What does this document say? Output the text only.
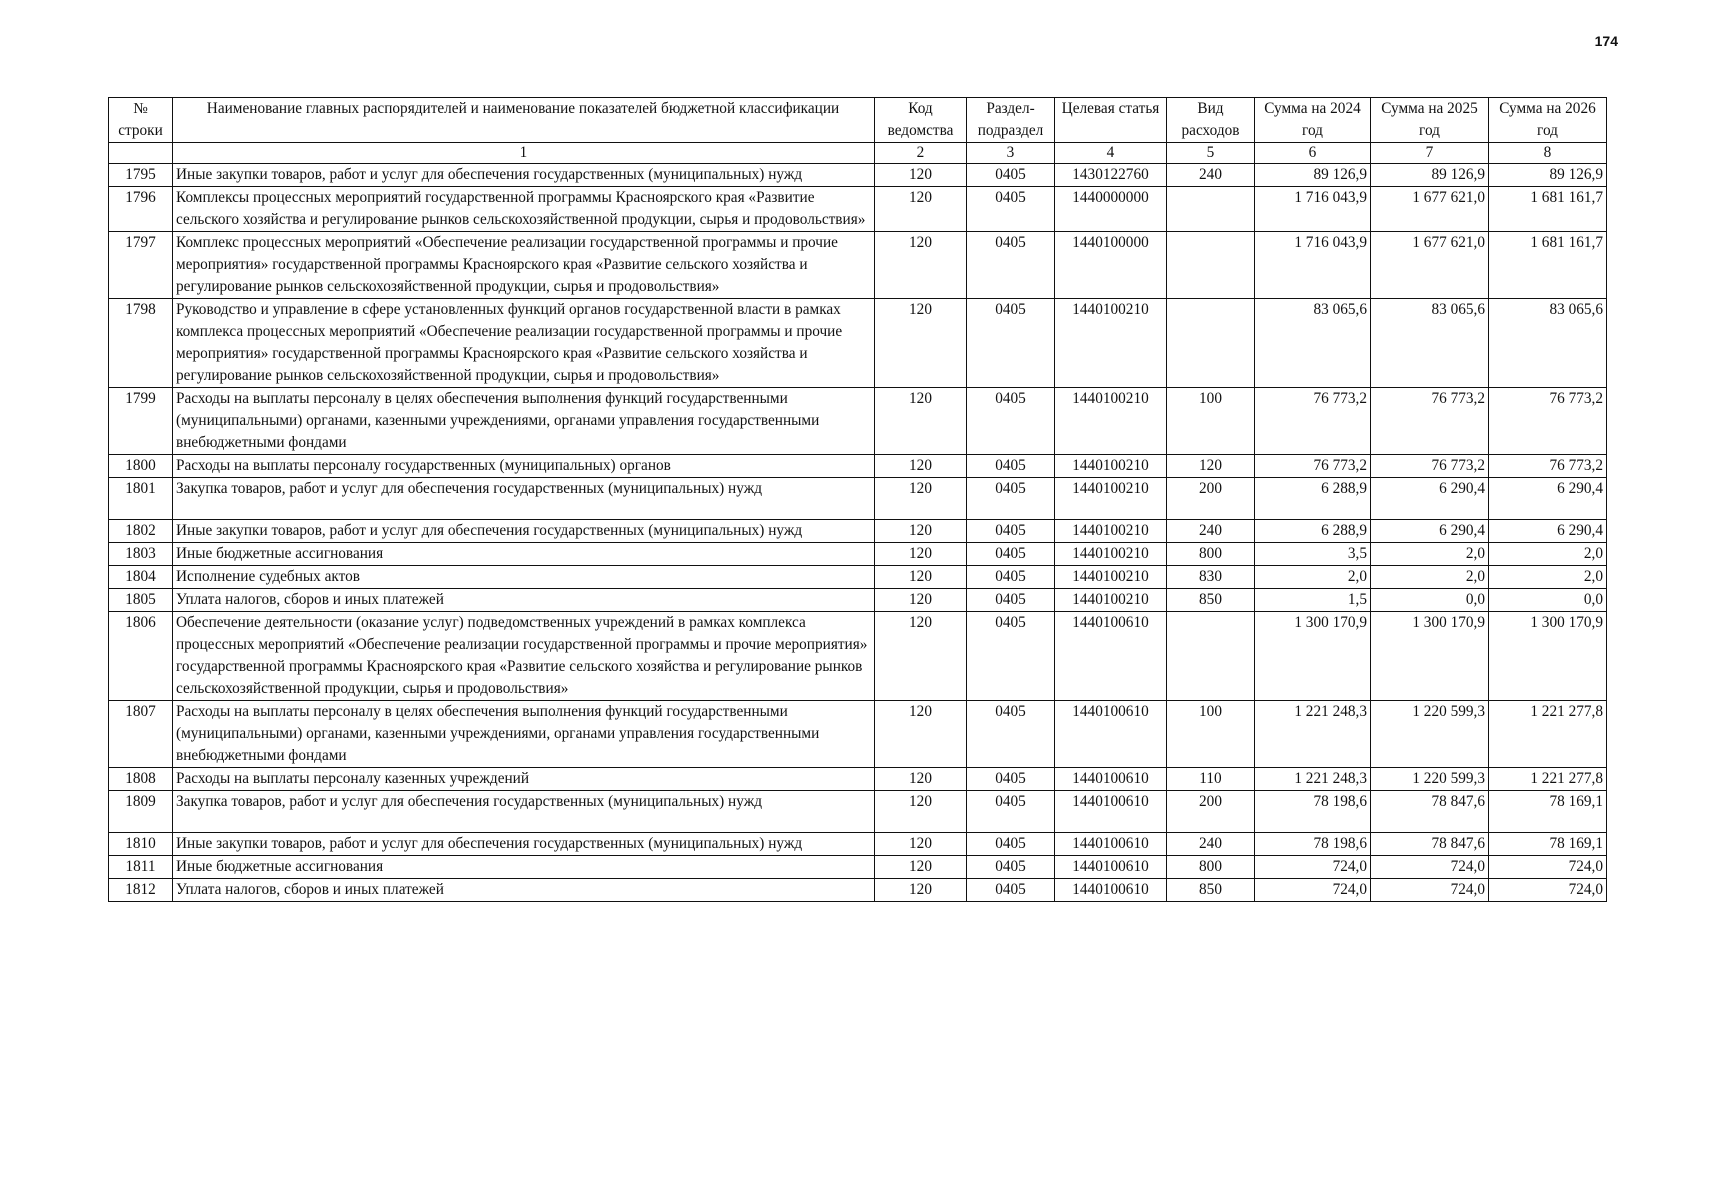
174
№ строки	Наименование главных распорядителей и наименование показателей бюджетной классификации	Код ведомства	Раздел-подраздел	Целевая статья	Вид расходов	Сумма на 2024 год	Сумма на 2025 год	Сумма на 2026 год
	1	2	3	4	5	6	7	8
1795	Иные закупки товаров, работ и услуг для обеспечения государственных (муниципальных) нужд	120	0405	1430122760	240	89 126,9	89 126,9	89 126,9
1796	Комплексы процессных мероприятий государственной программы Красноярского края «Развитие сельского хозяйства и регулирование рынков сельскохозяйственной продукции, сырья и продовольствия»	120	0405	1440000000		1 716 043,9	1 677 621,0	1 681 161,7
1797	Комплекс процессных мероприятий «Обеспечение реализации государственной программы и прочие мероприятия» государственной программы Красноярского края «Развитие сельского хозяйства и регулирование рынков сельскохозяйственной продукции, сырья и продовольствия»	120	0405	1440100000		1 716 043,9	1 677 621,0	1 681 161,7
1798	Руководство и управление в сфере установленных функций органов государственной власти в рамках комплекса процессных мероприятий «Обеспечение реализации государственной программы и прочие мероприятия» государственной программы Красноярского края «Развитие сельского хозяйства и регулирование рынков сельскохозяйственной продукции, сырья и продовольствия»	120	0405	1440100210		83 065,6	83 065,6	83 065,6
1799	Расходы на выплаты персоналу в целях обеспечения выполнения функций государственными (муниципальными) органами, казенными учреждениями, органами управления государственными внебюджетными фондами	120	0405	1440100210	100	76 773,2	76 773,2	76 773,2
1800	Расходы на выплаты персоналу государственных (муниципальных) органов	120	0405	1440100210	120	76 773,2	76 773,2	76 773,2
1801	Закупка товаров, работ и услуг для обеспечения государственных (муниципальных) нужд	120	0405	1440100210	200	6 288,9	6 290,4	6 290,4
1802	Иные закупки товаров, работ и услуг для обеспечения государственных (муниципальных) нужд	120	0405	1440100210	240	6 288,9	6 290,4	6 290,4
1803	Иные бюджетные ассигнования	120	0405	1440100210	800	3,5	2,0	2,0
1804	Исполнение судебных актов	120	0405	1440100210	830	2,0	2,0	2,0
1805	Уплата налогов, сборов и иных платежей	120	0405	1440100210	850	1,5	0,0	0,0
1806	Обеспечение деятельности (оказание услуг) подведомственных учреждений в рамках комплекса процессных мероприятий «Обеспечение реализации государственной программы и прочие мероприятия» государственной программы Красноярского края «Развитие сельского хозяйства и регулирование рынков сельскохозяйственной продукции, сырья и продовольствия»	120	0405	1440100610		1 300 170,9	1 300 170,9	1 300 170,9
1807	Расходы на выплаты персоналу в целях обеспечения выполнения функций государственными (муниципальными) органами, казенными учреждениями, органами управления государственными внебюджетными фондами	120	0405	1440100610	100	1 221 248,3	1 220 599,3	1 221 277,8
1808	Расходы на выплаты персоналу казенных учреждений	120	0405	1440100610	110	1 221 248,3	1 220 599,3	1 221 277,8
1809	Закупка товаров, работ и услуг для обеспечения государственных (муниципальных) нужд	120	0405	1440100610	200	78 198,6	78 847,6	78 169,1
1810	Иные закупки товаров, работ и услуг для обеспечения государственных (муниципальных) нужд	120	0405	1440100610	240	78 198,6	78 847,6	78 169,1
1811	Иные бюджетные ассигнования	120	0405	1440100610	800	724,0	724,0	724,0
1812	Уплата налогов, сборов и иных платежей	120	0405	1440100610	850	724,0	724,0	724,0
